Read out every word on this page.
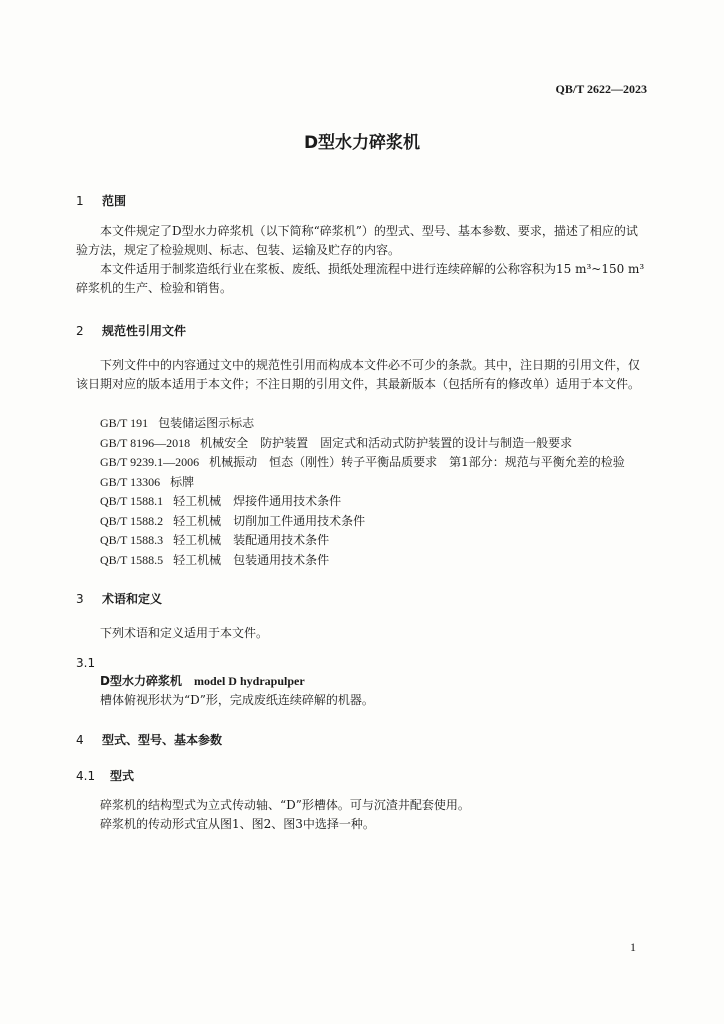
QB/T 2622—2023
D型水力碎浆机
1 范围
本文件规定了D型水力碎浆机（以下简称“碎浆机”）的型式、型号、基本参数、要求，描述了相应的试验方法，规定了检验规则、标志、包装、运输及贮存的内容。
本文件适用于制浆造纸行业在浆板、废纸、损纸处理流程中进行连续碎解的公称容积为15 m³~150 m³碎浆机的生产、检验和销售。
2 规范性引用文件
下列文件中的内容通过文中的规范性引用而构成本文件必不可少的条款。其中，注日期的引用文件，仅该日期对应的版本适用于本文件；不注日期的引用文件，其最新版本（包括所有的修改单）适用于本文件。
GB/T 191 包装储运图示标志
GB/T 8196—2018 机械安全　防护装置　固定式和活动式防护装置的设计与制造一般要求
GB/T 9239.1—2006 机械振动　恒态（刚性）转子平衡品质要求　第1部分：规范与平衡允差的检验
GB/T 13306 标牌
QB/T 1588.1 轻工机械　焊接件通用技术条件
QB/T 1588.2 轻工机械　切削加工件通用技术条件
QB/T 1588.3 轻工机械　装配通用技术条件
QB/T 1588.5 轻工机械　包装通用技术条件
3 术语和定义
下列术语和定义适用于本文件。
3.1
D型水力碎浆机 model D hydrapulper
槽体俯视形状为“D”形，完成废纸连续碎解的机器。
4 型式、型号、基本参数
4.1 型式
碎浆机的结构型式为立式传动轴、“D”形槽体。可与沉渣井配套使用。
碎浆机的传动形式宜从图1、图2、图3中选择一种。
1
